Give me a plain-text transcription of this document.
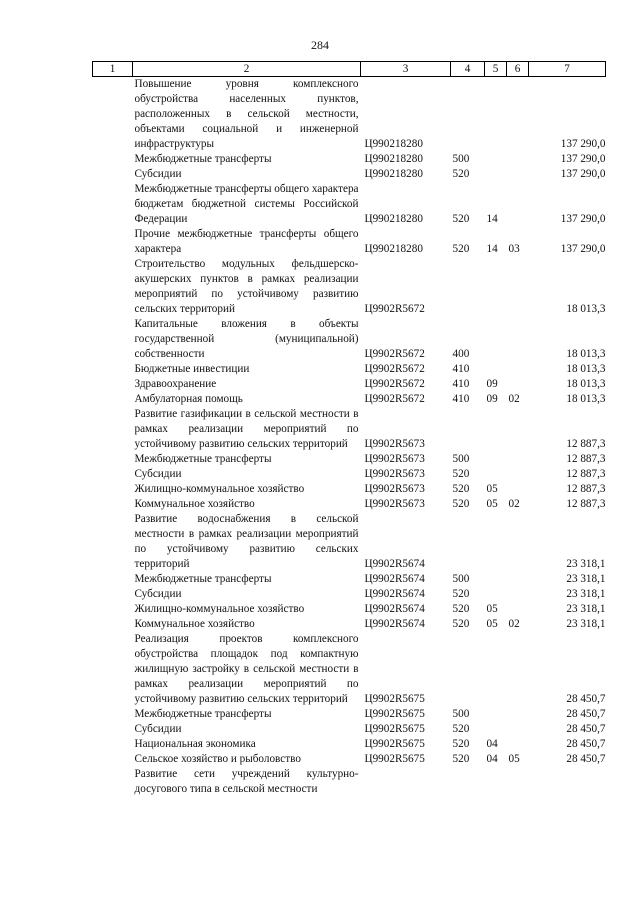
284
1	2	3	4	5	6	7
	Повышение уровня комплексного обустройства населенных пунктов, расположенных в сельской местности, объектами социальной и инженерной инфраструктуры	Ц990218280				137 290,0
	Межбюджетные трансферты	Ц990218280	500			137 290,0
	Субсидии	Ц990218280	520			137 290,0
	Межбюджетные трансферты общего характера бюджетам бюджетной системы Российской Федерации	Ц990218280	520	14		137 290,0
	Прочие межбюджетные трансферты общего характера	Ц990218280	520	14	03	137 290,0
	Строительство модульных фельдшерско-акушерских пунктов в рамках реализации мероприятий по устойчивому развитию сельских территорий	Ц9902R5672				18 013,3
	Капитальные вложения в объекты государственной (муниципальной) собственности	Ц9902R5672	400			18 013,3
	Бюджетные инвестиции	Ц9902R5672	410			18 013,3
	Здравоохранение	Ц9902R5672	410	09		18 013,3
	Амбулаторная помощь	Ц9902R5672	410	09	02	18 013,3
	Развитие газификации в сельской местности в рамках реализации мероприятий по устойчивому развитию сельских территорий	Ц9902R5673				12 887,3
	Межбюджетные трансферты	Ц9902R5673	500			12 887,3
	Субсидии	Ц9902R5673	520			12 887,3
	Жилищно-коммунальное хозяйство	Ц9902R5673	520	05		12 887,3
	Коммунальное хозяйство	Ц9902R5673	520	05	02	12 887,3
	Развитие водоснабжения в сельской местности в рамках реализации мероприятий по устойчивому развитию сельских территорий	Ц9902R5674				23 318,1
	Межбюджетные трансферты	Ц9902R5674	500			23 318,1
	Субсидии	Ц9902R5674	520			23 318,1
	Жилищно-коммунальное хозяйство	Ц9902R5674	520	05		23 318,1
	Коммунальное хозяйство	Ц9902R5674	520	05	02	23 318,1
	Реализация проектов комплексного обустройства площадок под компактную жилищную застройку в сельской местности в рамках реализации мероприятий по устойчивому развитию сельских территорий	Ц9902R5675				28 450,7
	Межбюджетные трансферты	Ц9902R5675	500			28 450,7
	Субсидии	Ц9902R5675	520			28 450,7
	Национальная экономика	Ц9902R5675	520	04		28 450,7
	Сельское хозяйство и рыболовство	Ц9902R5675	520	04	05	28 450,7
	Развитие сети учреждений культурно-досугового типа в сельской местности					
